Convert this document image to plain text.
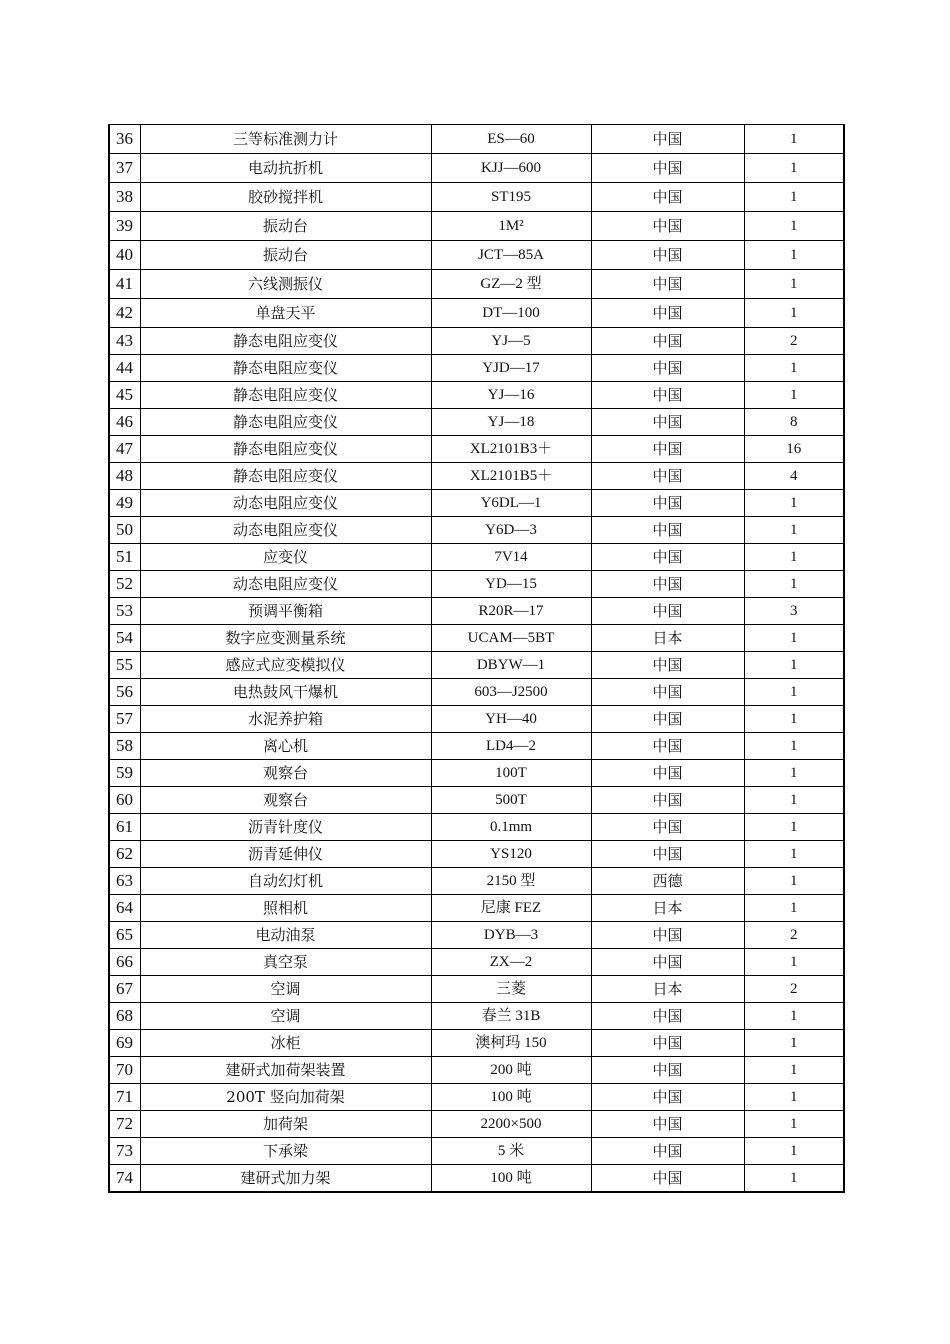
36	三等标准测力计	ES—60	中国	1
37	电动抗折机	KJJ—600	中国	1
38	胶砂搅拌机	ST195	中国	1
39	振动台	1M²	中国	1
40	振动台	JCT—85A	中国	1
41	六线测振仪	GZ—2 型	中国	1
42	单盘天平	DT—100	中国	1
43	静态电阻应变仪	YJ—5	中国	2
44	静态电阻应变仪	YJD—17	中国	1
45	静态电阻应变仪	YJ—16	中国	1
46	静态电阻应变仪	YJ—18	中国	8
47	静态电阻应变仪	XL2101B3＋	中国	16
48	静态电阻应变仪	XL2101B5＋	中国	4
49	动态电阻应变仪	Y6DL—1	中国	1
50	动态电阻应变仪	Y6D—3	中国	1
51	应变仪	7V14	中国	1
52	动态电阻应变仪	YD—15	中国	1
53	预调平衡箱	R20R—17	中国	3
54	数字应变测量系统	UCAM—5BT	日本	1
55	感应式应变模拟仪	DBYW—1	中国	1
56	电热鼓风干爆机	603—J2500	中国	1
57	水泥养护箱	YH—40	中国	1
58	离心机	LD4—2	中国	1
59	观察台	100T	中国	1
60	观察台	500T	中国	1
61	沥青针度仪	0.1mm	中国	1
62	沥青延伸仪	YS120	中国	1
63	自动幻灯机	2150 型	西德	1
64	照相机	尼康 FEZ	日本	1
65	电动油泵	DYB—3	中国	2
66	真空泵	ZX—2	中国	1
67	空调	三菱	日本	2
68	空调	春兰 31B	中国	1
69	冰柜	澳柯玛 150	中国	1
70	建研式加荷架装置	200 吨	中国	1
71	200T 竖向加荷架	100 吨	中国	1
72	加荷架	2200×500	中国	1
73	下承梁	5 米	中国	1
74	建研式加力架	100 吨	中国	1
